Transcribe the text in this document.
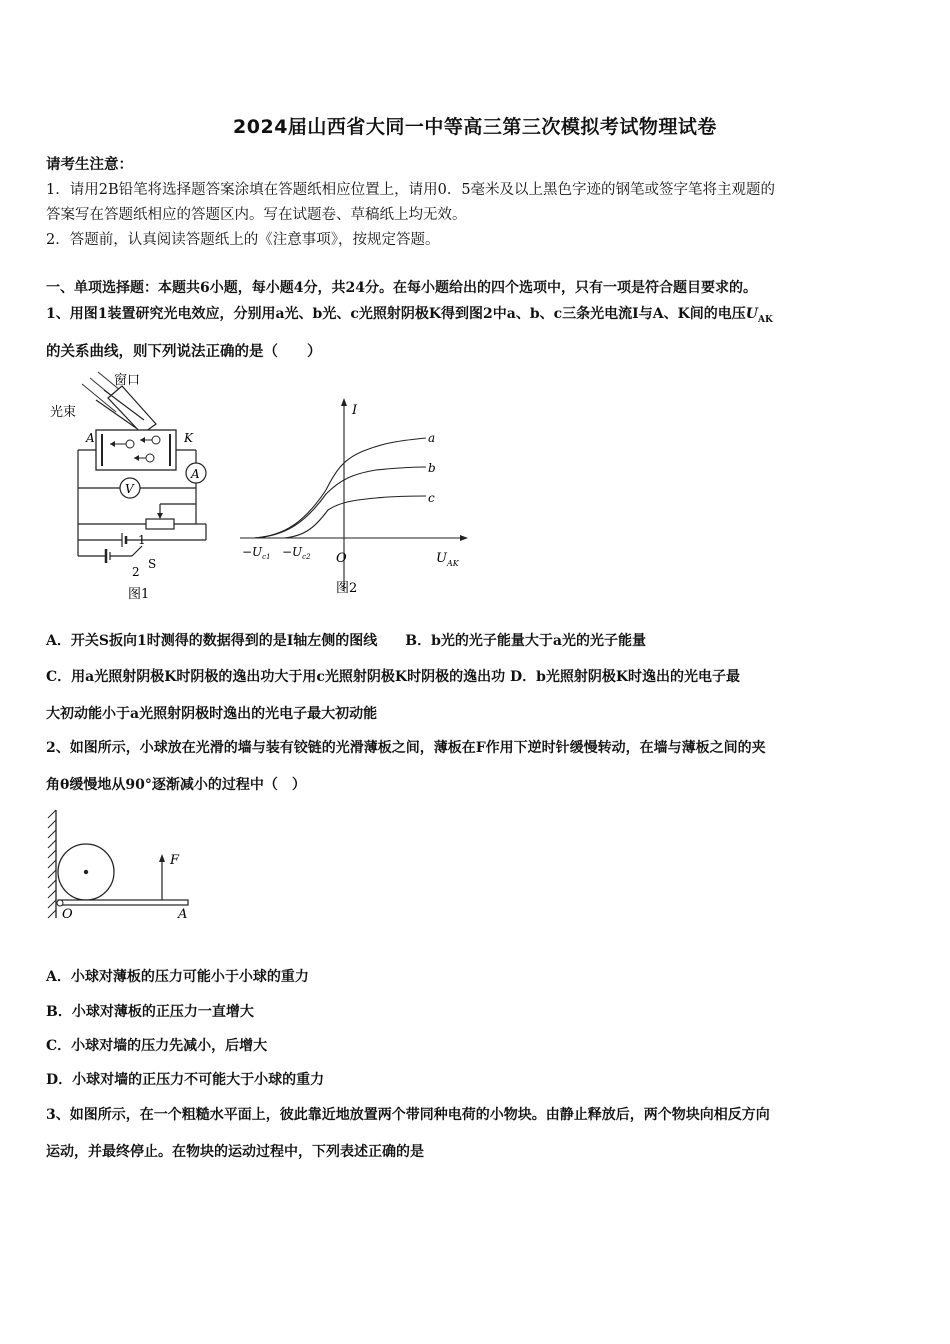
2024届山西省大同一中等高三第三次模拟考试物理试卷
请考生注意：
1．请用2B铅笔将选择题答案涂填在答题纸相应位置上，请用0．5毫米及以上黑色字迹的钢笔或签字笔将主观题的
答案写在答题纸相应的答题区内。写在试题卷、草稿纸上均无效。
2．答题前，认真阅读答题纸上的《注意事项》，按规定答题。
一、单项选择题：本题共6小题，每小题4分，共24分。在每小题给出的四个选项中，只有一项是符合题目要求的。
1、用图1装置研究光电效应，分别用a光、b光、c光照射阴极K得到图2中a、b、c三条光电流I与A、K间的电压$U_{AK}$
的关系曲线，则下列说法正确的是（　　）
窗口
光束
A	K
A
V
1
S
2
图1
I
O	$U_{AK}$
a
b
c
$-U_{c1} -U_{c2}$
图2
A．开关S扳向1时测得的数据得到的是I轴左侧的图线 B．b光的光子能量大于a光的光子能量
C．用a光照射阴极K时阴极的逸出功大于用c光照射阴极K时阴极的逸出功 D．b光照射阴极K时逸出的光电子最
大初动能小于a光照射阴极时逸出的光电子最大初动能
2、如图所示，小球放在光滑的墙与装有铰链的光滑薄板之间，薄板在F作用下逆时针缓慢转动，在墙与薄板之间的夹
角θ缓慢地从90°逐渐减小的过程中（　）
F
O	A
A．小球对薄板的压力可能小于小球的重力
B．小球对薄板的正压力一直增大
C．小球对墙的压力先减小，后增大
D．小球对墙的正压力不可能大于小球的重力
3、如图所示，在一个粗糙水平面上，彼此靠近地放置两个带同种电荷的小物块。由静止释放后，两个物块向相反方向
运动，并最终停止。在物块的运动过程中，下列表述正确的是
